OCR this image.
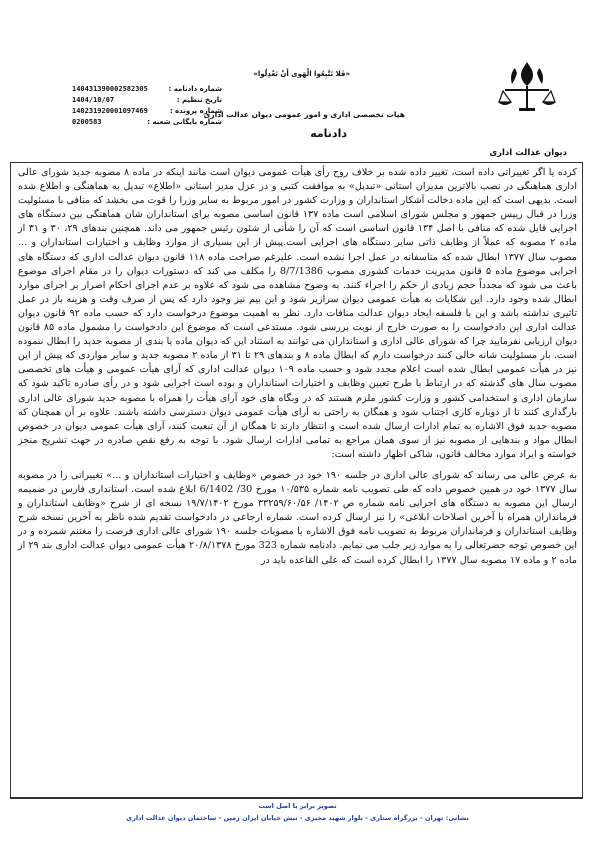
دیوان عدالت اداری
«فَلا تَتَّبِعُوا الْهَوى أَنْ تَعْدِلُوا»
هیات تخصصی اداری و امور عمومی دیوان عدالت اداری
دادنامه
شماره دادنامه :
140431390002582305
تاریخ تنظیم :
1404/10/07
شماره پرونده :
140231920001097469
شماره بایگانی شعبه :
0200583

کرده یا اگر تغییراتی داده است، تغییر داده شده بر خلاف روح رأی هیأت عمومی دیوان است مانند اینکه در ماده ۸ مصوبه جدید شورای عالی اداری هماهنگی در نصب بالاترین مدیران استانی «تبدیل» به موافقت کتبی و در عزل مدیر استانی «اطلاع» تبدیل به هماهنگی و اطلاع شده است. بدیهی است که این ماده دخالت آشکار استانداران و وزارت کشور در امور مربوط به سایر وزرا را قوت می بخشد که منافی با مسئولیت وزرا در قبال رییس جمهور و مجلس شورای اسلامی است ماده ۱۳۷ قانون اساسی مصوبه برای استانداران شان هماهنگی بین دستگاه های اجرایی قایل شده که منافی با اصل ۱۳۴ قانون اساسی است که آن را شأنی از شئون رئیس جمهور می داند. همچنین بندهای ۲۹، ۳۰ و ۳۱ از ماده ۲ مصوبه که عملاً از وظایف ذاتی سایر دستگاه های اجرایی است.پیش از این بسیاری از موارد وظایف و اختیارات استانداران و ... مصوب سال ۱۳۷۷ ابطال شده که متاسفانه در عمل اجرا نشده است. علیرغم صراحت ماده ۱۱۸ قانون دیوان عدالت اداری که دستگاه های اجرایی موضوع ماده ۵ قانون مدیریت خدمات کشوری مصوب 8/7/1386 را مکلف می کند که دستورات دیوان را در مقام اجرای موضوع باعث می شود که مجدداً حجم زیادی از حکم را اجراء کنند. به وضوح مشاهده می شود که علاوه بر عدم اجرای احکام اصرار بر اجرای موارد ابطال شده وجود دارد. این شکایات به هیأت عمومی دیوان سرازیر شود و این بیم نیز وجود دارد که پس از صرف وقت و هزینه باز در عمل تاثیری نداشته باشد و این با فلسفه ایجاد دیوان عدالت منافات دارد. نظر به اهمیت موضوع درخواست دارد که حسب ماده ۹۲ قانون دیوان عدالت اداری این دادخواست را به صورت خارج از نوبت بررسی شود. مستدعی است که موضوع این دادخواست را مشمول ماده ۸۵ قانون دیوان ارزیابی نفرمایید چرا که شورای عالی اداری و استانداران می توانند به استناد این که دیوان ماده یا بندی از مصوبه جدید را ابطال ننموده است. بار مسئولیت شانه خالی کنند درخواست دارم که ابطال ماده ۸ و بندهای ۲۹ تا ۳۱ از ماده ۲ مصوبه جدید و سایر مواردی که پیش از این نیز در هیأت عمومی ابطال شده است اعلام مجدد شود و حسب ماده ۱۰۹ دیوان عدالت اداری که آرای هیأت عمومی و هیأت های تخصصی مصوب سال های گذشته که در ارتباط با طرح تعیین وظایف و اختیارات استانداران و بوده است اجرایی شود و در رأی صادره تاکید شود که سازمان اداری و استخدامی کشور و وزارت کشور ملزم هستند که در وبگاه های خود آرای هیأت را همراه با مصوبه جدید شورای عالی اداری بارگذاری کنند تا از دوباره کاری اجتناب شود و همگان به راحتی به آرای هیأت عمومی دیوان دسترسی داشته باشند. علاوه بر آن همچنان که مصوبه جدید فوق الاشاره به تمام ادارات ارسال شده است و انتظار دارند تا همگان از آن تبعیت کنند، آرای هیأت عمومی دیوان در خصوص ابطال مواد و بندهایی از مصوبه نیز از سوی همان مراجع به تمامی ادارات ارسال شود. با توجه به رفع نقص صادره در جهت تشریح منجز خواسته و ایراد موارد مخالف قانون، شاکی اظهار داشته است:

به عرض عالی می رساند که شورای عالی اداری در جلسه ۱۹۰ خود در خصوص «وظایف و اختیارات استانداران و ...» تغییراتی را در مصوبه سال ۱۳۷۷ خود در همین خصوص داده که طی تصویب نامه شماره ۱۰/۵۳۵ مورخ 30/ 6/1402 ابلاغ شده است. استانداری فارس در ضمیمه ارسال این مصوبه به دستگاه های اجرایی نامه شماره ص ۱۴۰۲/ ۳۳۲۵۹/۶۰/۵۶ مورخ ۱۹/۷/۱۴۰۲ نسخه ای از شرح «وظایف استانداران و فرمانداران همراه با آخرین اصلاحات ابلاغی» را نیز ارسال کرده است. شماره ارجاعی در دادخواست تقدیم شده ناظر به آخرین نسخه شرح وظایف استانداران و فرمانداران مربوط به تصویب نامه فوق الاشاره یا مصوبات جلسه ۱۹۰ شورای عالی اداری فرصت را مغتنم شمرده و در این خصوص توجه حضرتعالی را به موارد زیر جلب می نمایم. دادنامه شماره 323 مورخ ۲۰/۸/۱۳۷۸ هیأت عمومی دیوان عدالت اداری بند ۲۹ از ماده ۲ و ماده ۱۷ مصوبه سال ۱۳۷۷ را ابطال کرده است که علی القاعده باید در

تصویر برابر با اصل است
نشانی: تهران - بزرگراه ستاری - بلوار شهید مخبری - نبش خیابان ایران زمین - ساختمان دیوان عدالت اداری
